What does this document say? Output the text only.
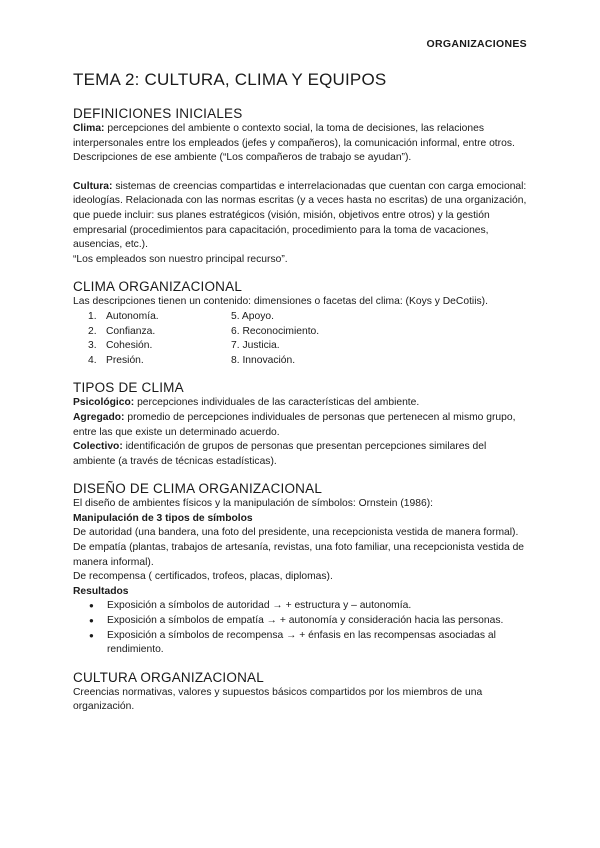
ORGANIZACIONES
TEMA 2: CULTURA, CLIMA Y EQUIPOS
DEFINICIONES INICIALES

Clima: percepciones del ambiente o contexto social, la toma de decisiones, las relaciones interpersonales entre los empleados (jefes y compañeros), la comunicación informal, entre otros. Descripciones de ese ambiente (“Los compañeros de trabajo se ayudan”).

Cultura: sistemas de creencias compartidas e interrelacionadas que cuentan con carga emocional: ideologías. Relacionada con las normas escritas (y a veces hasta no escritas) de una organización, que puede incluir: sus planes estratégicos (visión, misión, objetivos entre otros) y la gestión empresarial (procedimientos para capacitación, procedimiento para la toma de vacaciones, ausencias, etc.).

“Los empleados son nuestro principal recurso”.

CLIMA ORGANIZACIONAL

Las descripciones tienen un contenido: dimensiones o facetas del clima: (Koys y DeCotiis).

1. Autonomía.
2. Confianza.
3. Cohesión.
4. Presión.
5. Apoyo.
6. Reconocimiento.
7. Justicia.
8. Innovación.
TIPOS DE CLIMA

Psicológico: percepciones individuales de las características del ambiente.

Agregado: promedio de percepciones individuales de personas que pertenecen al mismo grupo, entre las que existe un determinado acuerdo.

Colectivo: identificación de grupos de personas que presentan percepciones similares del ambiente (a través de técnicas estadísticas).

DISEÑO DE CLIMA ORGANIZACIONAL

El diseño de ambientes físicos y la manipulación de símbolos: Ornstein (1986):

Manipulación de 3 tipos de símbolos

De autoridad (una bandera, una foto del presidente, una recepcionista vestida de manera formal).

De empatía (plantas, trabajos de artesanía, revistas, una foto familiar, una recepcionista vestida de manera informal).

De recompensa ( certificados, trofeos, placas, diplomas).

Resultados

● Exposición a símbolos de autoridad → + estructura y – autonomía.
● Exposición a símbolos de empatía → + autonomía y consideración hacia las personas.
● Exposición a símbolos de recompensa → + énfasis en las recompensas asociadas al rendimiento.
CULTURA ORGANIZACIONAL

Creencias normativas, valores y supuestos básicos compartidos por los miembros de una organización.
